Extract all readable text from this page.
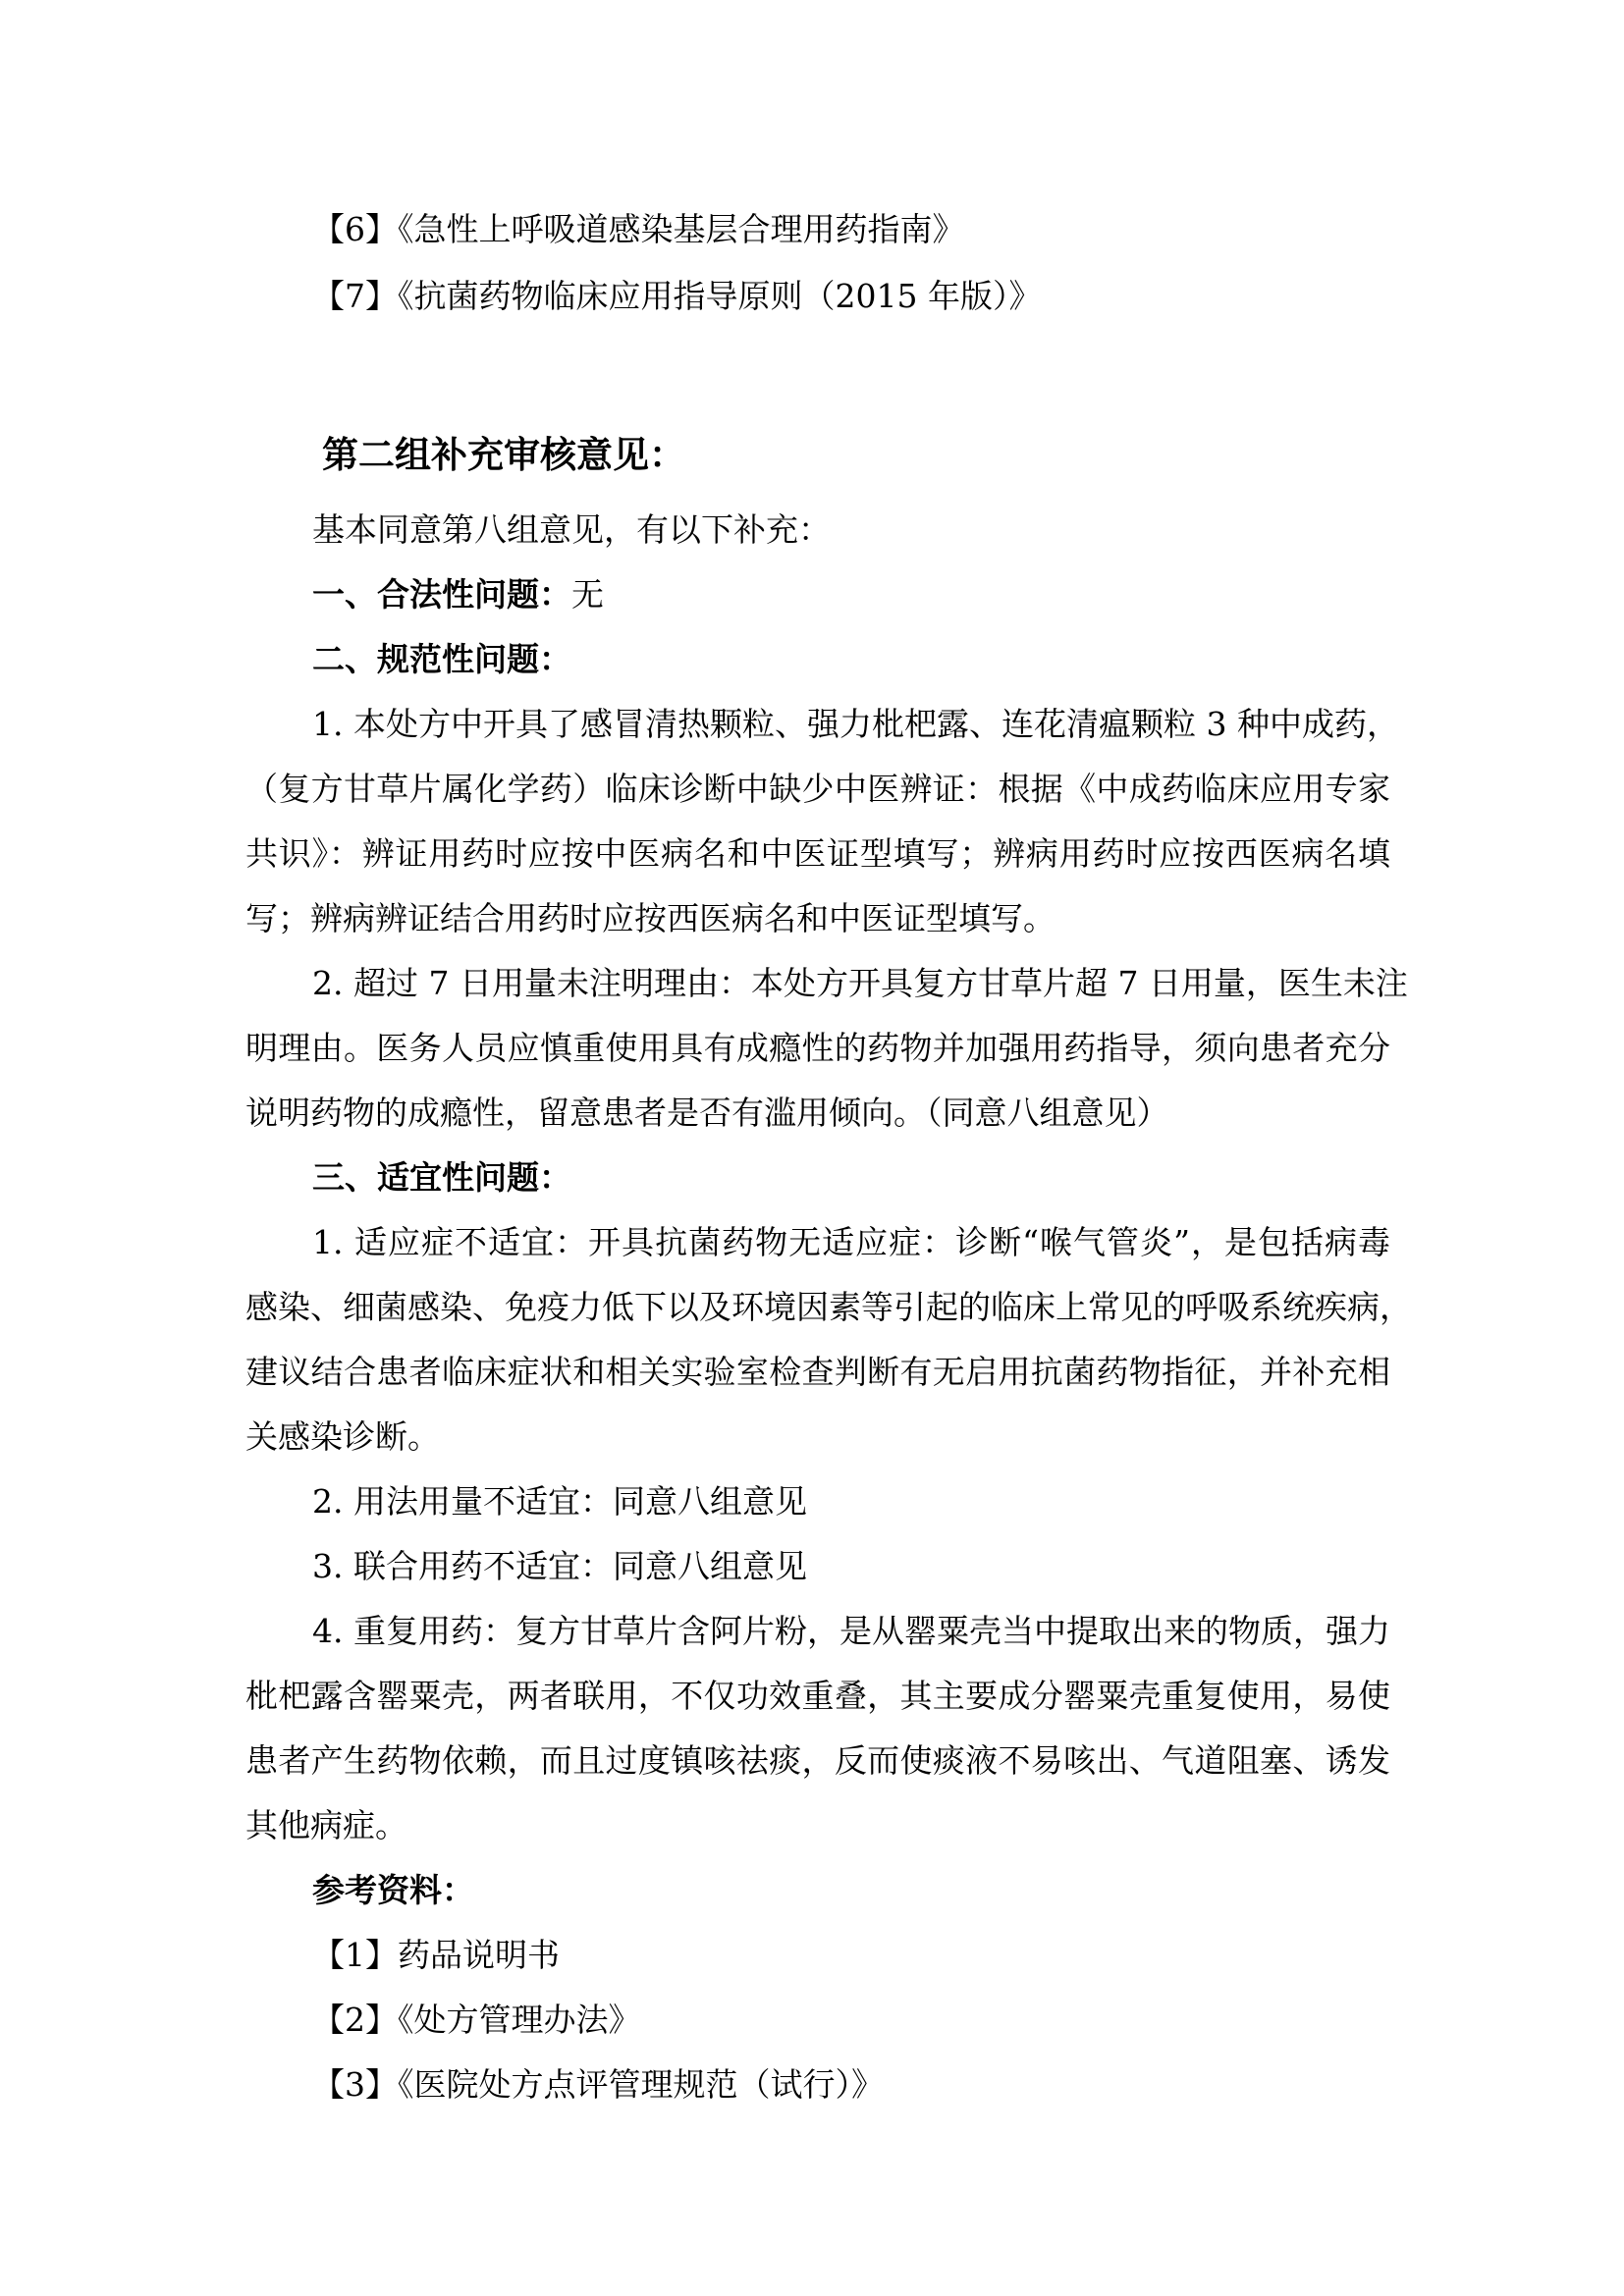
【6】《急性上呼吸道感染基层合理用药指南》
【7】《抗菌药物临床应用指导原则（2015 年版）》
第二组补充审核意见：
基本同意第八组意见，有以下补充：
一、合法性问题：无
二、规范性问题：
1. 本处方中开具了感冒清热颗粒、强力枇杷露、连花清瘟颗粒 3 种中成药，
（复方甘草片属化学药）临床诊断中缺少中医辨证：根据《中成药临床应用专家
共识》：辨证用药时应按中医病名和中医证型填写；辨病用药时应按西医病名填
写；辨病辨证结合用药时应按西医病名和中医证型填写。
2. 超过 7 日用量未注明理由：本处方开具复方甘草片超 7 日用量，医生未注
明理由。医务人员应慎重使用具有成瘾性的药物并加强用药指导，须向患者充分
说明药物的成瘾性，留意患者是否有滥用倾向。（同意八组意见）
三、适宜性问题：
1. 适应症不适宜：开具抗菌药物无适应症：诊断“喉气管炎”，是包括病毒
感染、细菌感染、免疫力低下以及环境因素等引起的临床上常见的呼吸系统疾病，
建议结合患者临床症状和相关实验室检查判断有无启用抗菌药物指征，并补充相
关感染诊断。
2. 用法用量不适宜：同意八组意见
3. 联合用药不适宜：同意八组意见
4. 重复用药：复方甘草片含阿片粉，是从罂粟壳当中提取出来的物质，强力
枇杷露含罂粟壳，两者联用，不仅功效重叠，其主要成分罂粟壳重复使用，易使
患者产生药物依赖，而且过度镇咳祛痰，反而使痰液不易咳出、气道阻塞、诱发
其他病症。
参考资料：
【1】药品说明书
【2】《处方管理办法》
【3】《医院处方点评管理规范（试行）》
